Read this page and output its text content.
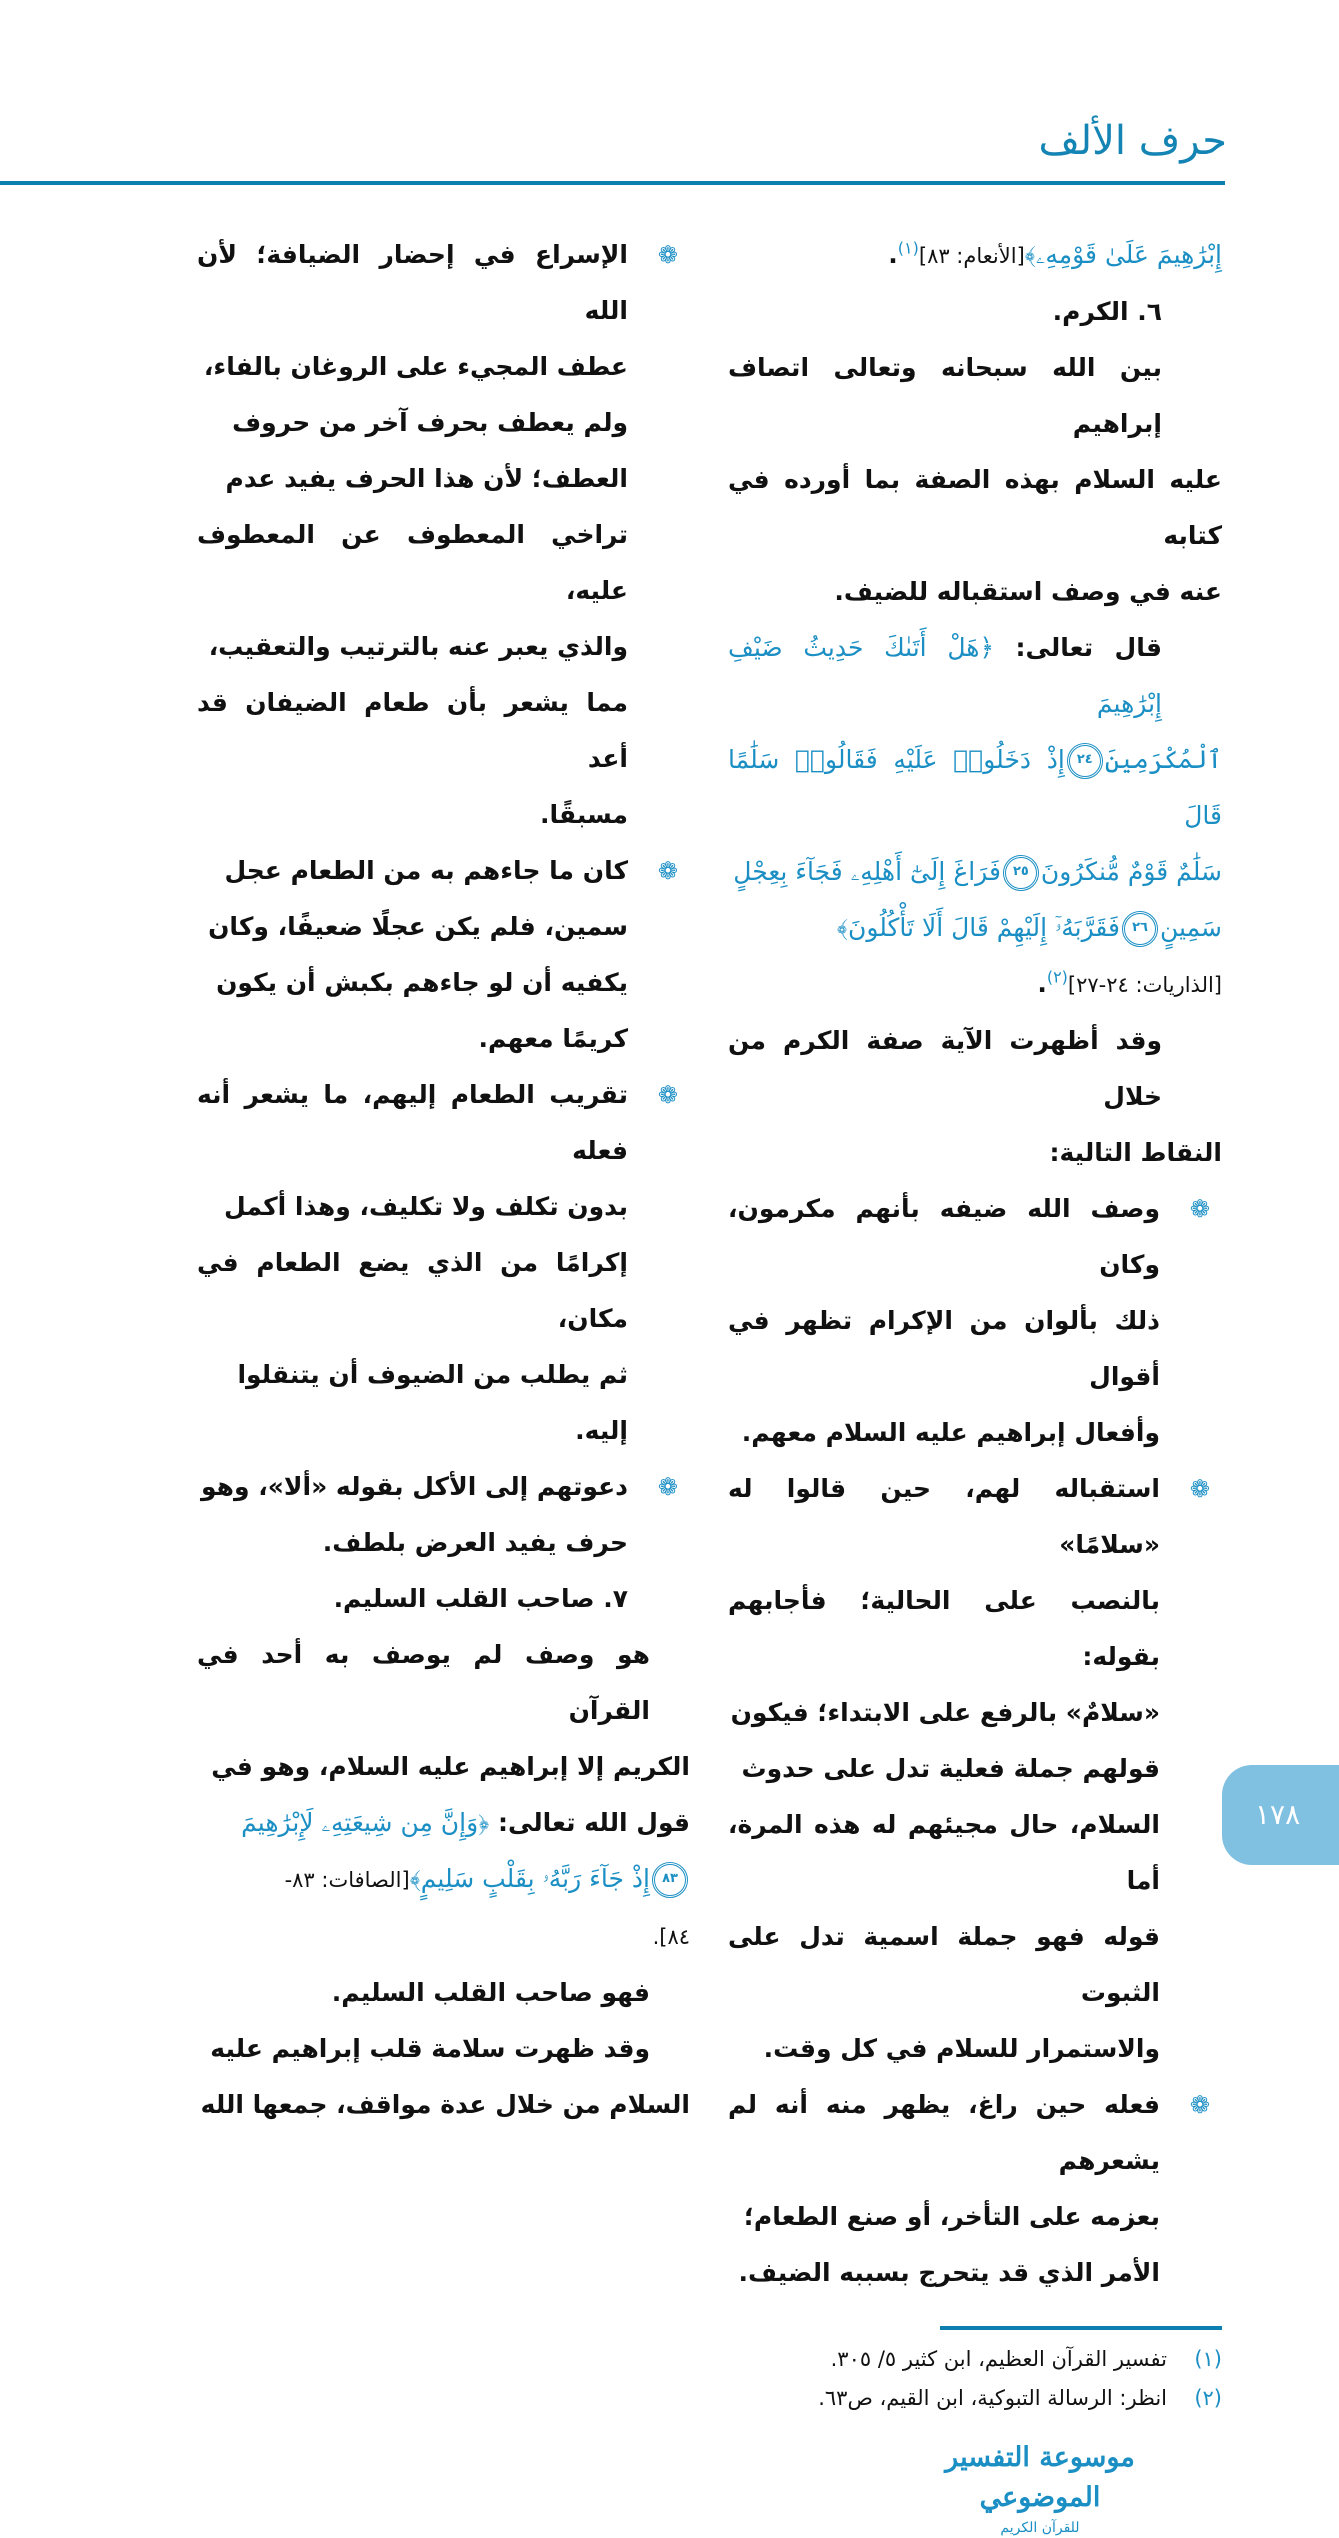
حرف الألف
إِبْرَٰهِيمَ عَلَىٰ قَوْمِهِۦ﴾[الأنعام: ٨٣]$^{(١)}$.
٦. الكرم.
بين الله سبحانه وتعالى اتصاف إبراهيم
عليه السلام بهذه الصفة بما أورده في كتابه
عنه في وصف استقباله للضيف.
قال تعالى: ﴿هَلْ أَتَىٰكَ حَدِيثُ ضَيْفِ إِبْرَٰهِيمَ
ٱلْمُكْرَمِينَ٢٤إِذْ دَخَلُوا۟ عَلَيْهِ فَقَالُوا۟ سَلَٰمًا قَالَ
سَلَٰمٌ قَوْمٌ مُّنكَرُونَ٢٥فَرَاغَ إِلَىٰٓ أَهْلِهِۦ فَجَآءَ بِعِجْلٍ
سَمِينٍ٢٦فَقَرَّبَهُۥٓ إِلَيْهِمْ قَالَ أَلَا تَأْكُلُونَ﴾
[الذاريات: ٢٤-٢٧]$^{(٢)}$.
وقد أظهرت الآية صفة الكرم من خلال
النقاط التالية:
❁
وصف الله ضيفه بأنهم مكرمون، وكان
ذلك بألوان من الإكرام تظهر في أقوال
وأفعال إبراهيم عليه السلام معهم.
❁
استقباله لهم، حين قالوا له «سلامًا»
بالنصب على الحالية؛ فأجابهم بقوله:
«سلامٌ» بالرفع على الابتداء؛ فيكون
قولهم جملة فعلية تدل على حدوث
السلام، حال مجيئهم له هذه المرة، أما
قوله فهو جملة اسمية تدل على الثبوت
والاستمرار للسلام في كل وقت.
❁
فعله حين راغ، يظهر منه أنه لم يشعرهم
بعزمه على التأخر، أو صنع الطعام؛
الأمر الذي قد يتحرج بسببه الضيف.
(١)تفسير القرآن العظيم، ابن كثير ٥/ ٣٠٥.
(٢)انظر: الرسالة التبوكية، ابن القيم، ص٦٣.
موسوعة التفسير الموضوعي
للقرآن الكريم
❁
الإسراع في إحضار الضيافة؛ لأن الله
عطف المجيء على الروغان بالفاء،
ولم يعطف بحرف آخر من حروف
العطف؛ لأن هذا الحرف يفيد عدم
تراخي المعطوف عن المعطوف عليه،
والذي يعبر عنه بالترتيب والتعقيب،
مما يشعر بأن طعام الضيفان قد أعد
مسبقًا.
❁
كان ما جاءهم به من الطعام عجل
سمين، فلم يكن عجلًا ضعيفًا، وكان
يكفيه أن لو جاءهم بكبش أن يكون
كريمًا معهم.
❁
تقريب الطعام إليهم، ما يشعر أنه فعله
بدون تكلف ولا تكليف، وهذا أكمل
إكرامًا من الذي يضع الطعام في مكان،
ثم يطلب من الضيوف أن يتنقلوا إليه.
❁
دعوتهم إلى الأكل بقوله «ألا»، وهو
حرف يفيد العرض بلطف.
٧. صاحب القلب السليم.
هو وصف لم يوصف به أحد في القرآن
الكريم إلا إبراهيم عليه السلام، وهو في
قول الله تعالى: ﴿وَإِنَّ مِن شِيعَتِهِۦ لَإِبْرَٰهِيمَ
٨٣إِذْ جَآءَ رَبَّهُۥ بِقَلْبٍ سَلِيمٍ﴾[الصافات: ٨٣-
٨٤].
فهو صاحب القلب السليم.
وقد ظهرت سلامة قلب إبراهيم عليه
السلام من خلال عدة مواقف، جمعها الله
١٧٨
